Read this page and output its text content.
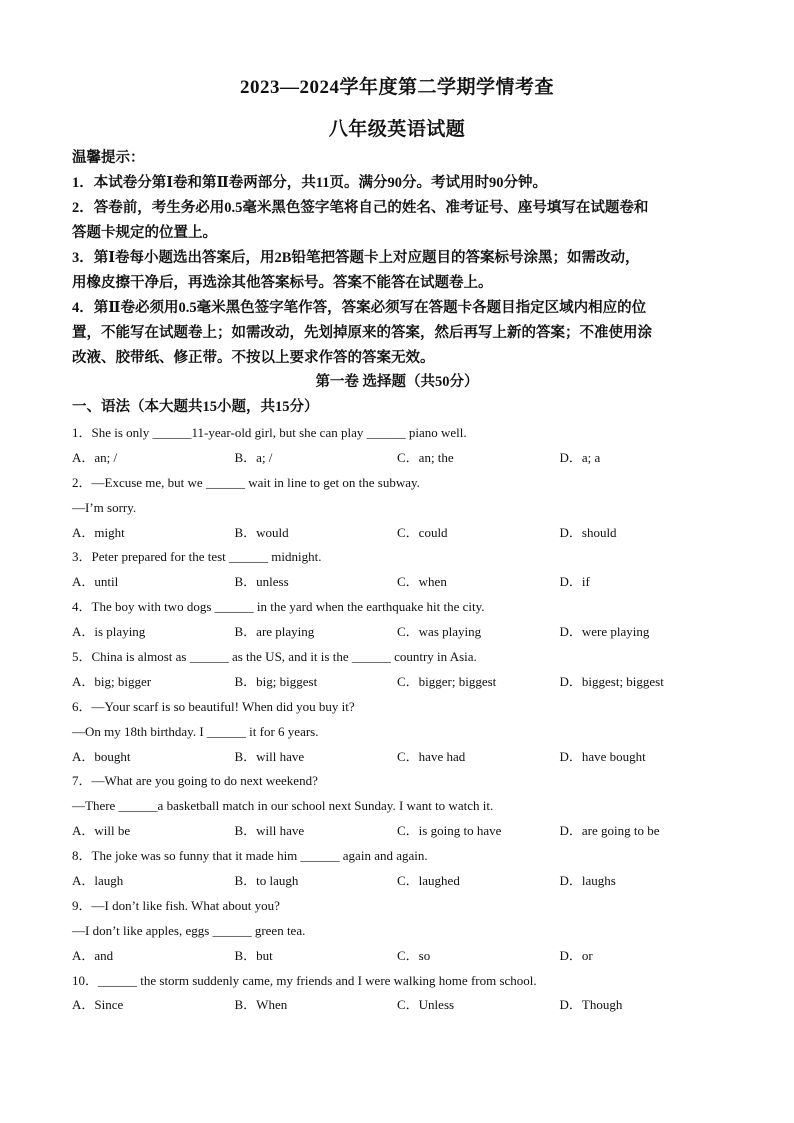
2023—2024学年度第二学期学情考查
八年级英语试题

温馨提示：

1．本试卷分第Ⅰ卷和第Ⅱ卷两部分，共11页。满分90分。考试用时90分钟。

2．答卷前，考生务必用0.5毫米黑色签字笔将自己的姓名、准考证号、座号填写在试题卷和

答题卡规定的位置上。

3．第Ⅰ卷每小题选出答案后，用2B铅笔把答题卡上对应题目的答案标号涂黑；如需改动，

用橡皮擦干净后，再选涂其他答案标号。答案不能答在试题卷上。

4．第Ⅱ卷必须用0.5毫米黑色签字笔作答，答案必须写在答题卡各题目指定区域内相应的位

置，不能写在试题卷上；如需改动，先划掉原来的答案，然后再写上新的答案；不准使用涂

改液、胶带纸、修正带。不按以上要求作答的答案无效。

第一卷 选择题（共50分）
一、语法（本大题共15小题，共15分）
1．She is only ______11-year-old girl, but she can play ______ piano well.
A．an; /	B．a; /	C．an; the	D．a; a
2．—Excuse me, but we ______ wait in line to get on the subway.
—I’m sorry.
A．might	B．would	C．could	D．should
3．Peter prepared for the test ______ midnight.
A．until	B．unless	C．when	D．if
4．The boy with two dogs ______ in the yard when the earthquake hit the city.
A．is playing	B．are playing	C．was playing	D．were playing
5．China is almost as ______ as the US, and it is the ______ country in Asia.
A．big; bigger	B．big; biggest	C．bigger; biggest	D．biggest; biggest
6．—Your scarf is so beautiful! When did you buy it?
—On my 18th birthday. I ______ it for 6 years.
A．bought	B．will have	C．have had	D．have bought
7．—What are you going to do next weekend?
—There ______a basketball match in our school next Sunday. I want to watch it.
A．will be	B．will have	C．is going to have	D．are going to be
8．The joke was so funny that it made him ______ again and again.
A．laugh	B．to laugh	C．laughed	D．laughs
9．—I don’t like fish. What about you?
—I don’t like apples, eggs ______ green tea.
A．and	B．but	C．so	D．or
10．______ the storm suddenly came, my friends and I were walking home from school.
A．Since	B．When	C．Unless	D．Though
